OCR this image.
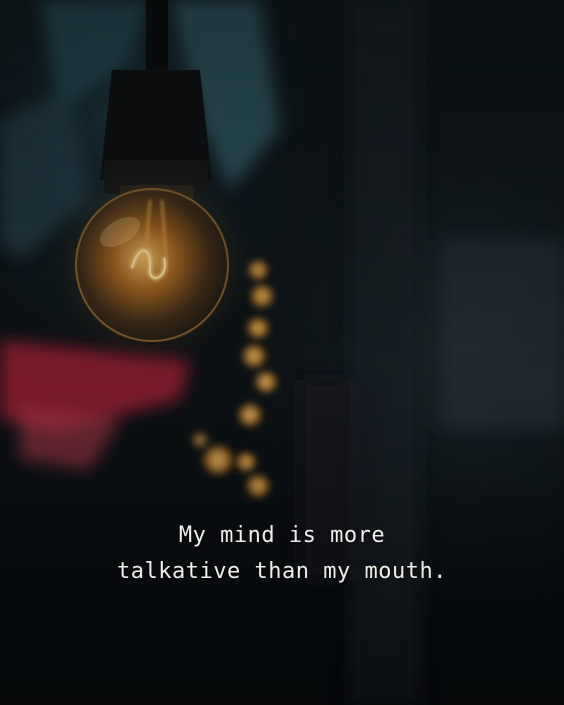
My mind is more
talkative than my mouth.
